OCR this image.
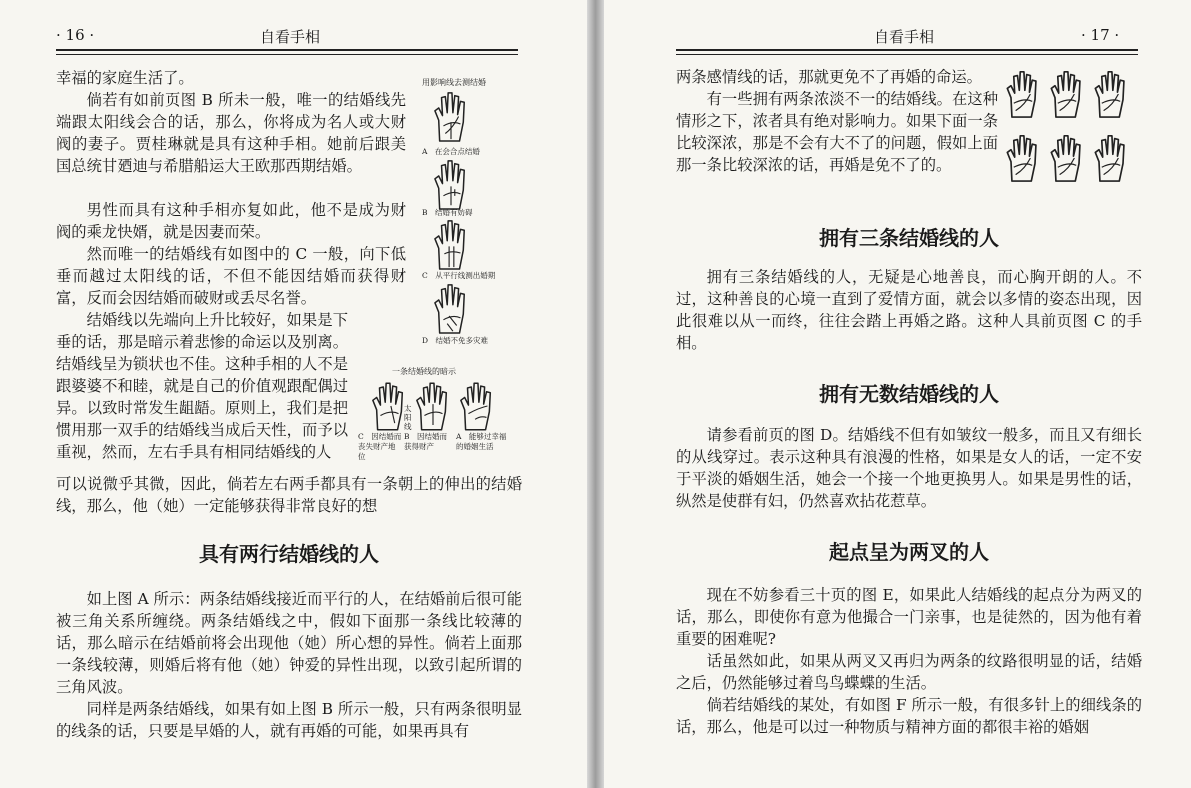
· 16 ·	自看手相

幸福的家庭生活了。

倘若有如前页图 B 所未一般，唯一的结婚线先端跟太阳线会合的话，那么，你将成为名人或大财阀的妻子。贾桂琳就是具有这种手相。她前后跟美国总统甘廼迪与希腊船运大王欧那西期结婚。

男性而具有这种手相亦复如此，他不是成为财阀的乘龙快婿，就是因妻而荣。

然而唯一的结婚线有如图中的 C 一般，向下低垂而越过太阳线的话，不但不能因结婚而获得财富，反而会因结婚而破财或丢尽名誉。

结婚线以先端向上升比较好，如果是下垂的话，那是暗示着悲惨的命运以及别离。结婚线呈为锁状也不佳。这种手相的人不是跟婆婆不和睦，就是自己的价值观跟配偶过异。以致时常发生龃龉。原则上，我们是把惯用那一双手的结婚线当成后天性，而予以重视，然而，左右手具有相同结婚线的人

可以说微乎其微，因此，倘若左右两手都具有一条朝上的伸出的结婚线，那么，他（她）一定能够获得非常良好的想

具有两行结婚线的人

如上图 A 所示：两条结婚线接近而平行的人，在结婚前后很可能被三角关系所缠绕。两条结婚线之中，假如下面那一条线比较薄的话，那么暗示在结婚前将会出现他（她）所心想的异性。倘若上面那一条线较薄，则婚后将有他（她）钟爱的异性出现，以致引起所谓的三角风波。

同样是两条结婚线，如果有如上图 B 所示一般，只有两条很明显的线条的话，只要是早婚的人，就有再婚的可能，如果再具有

用影响线去测结婚
A　在会合点结婚
B　结婚有妨碍
C　从平行线测出婚期
D　结婚不免多灾难
一条结婚线的暗示
太阳线
C　因结婚而丧失财产地位
B　因结婚而获得财产
A　能够过幸福的婚姻生活
自看手相	· 17 ·

两条感情线的话，那就更免不了再婚的命运。

有一些拥有两条浓淡不一的结婚线。在这种情形之下，浓者具有绝对影响力。如果下面一条比较深浓，那是不会有大不了的问题，假如上面那一条比较深浓的话，再婚是免不了的。

拥有三条结婚线的人

拥有三条结婚线的人，无疑是心地善良，而心胸开朗的人。不过，这种善良的心境一直到了爱情方面，就会以多情的姿态出现，因此很难以从一而终，往往会踏上再婚之路。这种人具前页图 C 的手相。

拥有无数结婚线的人

请参看前页的图 D。结婚线不但有如皱纹一般多，而且又有细长的从线穿过。表示这种具有浪漫的性格，如果是女人的话，一定不安于平淡的婚姻生活，她会一个接一个地更换男人。如果是男性的话，纵然是使群有妇，仍然喜欢拈花惹草。

起点呈为两叉的人

现在不妨参看三十页的图 E，如果此人结婚线的起点分为两叉的话，那么，即使你有意为他撮合一门亲事，也是徒然的，因为他有着重要的困难呢?

话虽然如此，如果从两叉又再归为两条的纹路很明显的话，结婚之后，仍然能够过着鸟鸟蝶蝶的生活。

倘若结婚线的某处，有如图 F 所示一般，有很多针上的细线条的话，那么，他是可以过一种物质与精神方面的都很丰裕的婚姻
